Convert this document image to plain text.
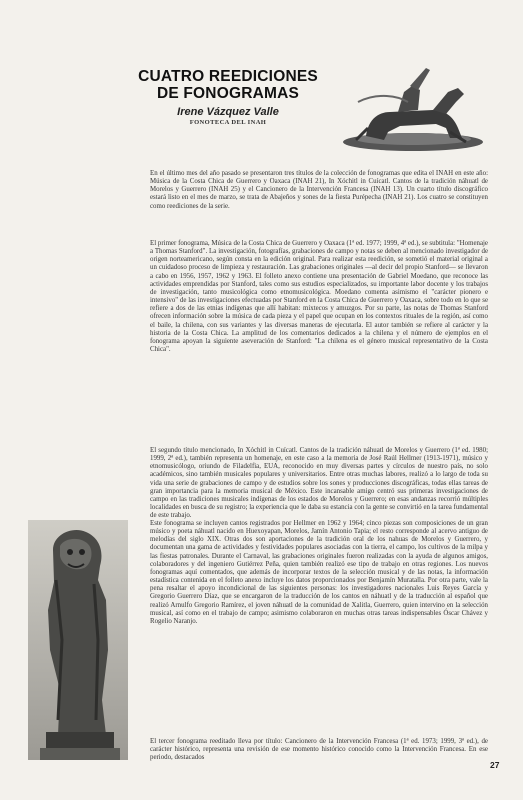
CUATRO REEDICIONES
DE FONOGRAMAS

Irene Vázquez Valle

FONOTECA DEL INAH

En el último mes del año pasado se presentaron tres títulos de la colección de fonogramas que edita el INAH en este año: Música de la Costa Chica de Guerrero y Oaxaca (INAH 21), In Xóchitl in Cuícatl. Cantos de la tradición náhuatl de Morelos y Guerrero (INAH 25) y el Cancionero de la Intervención Francesa (INAH 13). Un cuarto título discográfico estará listo en el mes de marzo, se trata de Abajeños y sones de la fiesta Purépecha (INAH 21). Los cuatro se constituyen como reediciones de la serie.

El primer fonograma, Música de la Costa Chica de Guerrero y Oaxaca (1ª ed. 1977; 1999, 4ª ed.), se subtitula: "Homenaje a Thomas Stanford". La investigación, fotografías, grabaciones de campo y notas se deben al mencionado investigador de origen norteamericano, según consta en la edición original. Para realizar esta reedición, se sometió el material original a un cuidadoso proceso de limpieza y restauración. Las grabaciones originales —al decir del propio Stanford— se llevaron a cabo en 1956, 1957, 1962 y 1963. El folleto anexo contiene una presentación de Gabriel Moedano, que reconoce las actividades emprendidas por Stanford, tales como sus estudios especializados, su importante labor docente y los trabajos de investigación, tanto musicológica como etnomusicológica. Moedano comenta asimismo el "carácter pionero e intensivo" de las investigaciones efectuadas por Stanford en la Costa Chica de Guerrero y Oaxaca, sobre todo en lo que se refiere a dos de las etnias indígenas que allí habitan: mixtecos y amuzgos. Por su parte, las notas de Thomas Stanford ofrecen información sobre la música de cada pieza y el papel que ocupan en los contextos rituales de la región, así como el baile, la chilena, con sus variantes y las diversas maneras de ejecutarla. El autor también se refiere al carácter y la historia de la Costa Chica. La amplitud de los comentarios dedicados a la chilena y el número de ejemplos en el fonograma apoyan la siguiente aseveración de Stanford: "La chilena es el género musical representativo de la Costa Chica".

El segundo título mencionado, In Xóchitl in Cuícatl. Cantos de la tradición náhuatl de Morelos y Guerrero (1ª ed. 1980; 1999, 2ª ed.), también representa un homenaje, en este caso a la memoria de José Raúl Hellmer (1913-1971), músico y etnomusicólogo, oriundo de Filadelfia, EUA, reconocido en muy diversas partes y círculos de nuestro país, no solo académicos, sino también musicales populares y universitarios. Entre otras muchas labores, realizó a lo largo de toda su vida una serie de grabaciones de campo y de estudios sobre los sones y producciones discográficas, todas ellas tareas de gran importancia para la memoria musical de México. Este incansable amigo centró sus primeras investigaciones de campo en las tradiciones musicales indígenas de los estados de Morelos y Guerrero; en esas andanzas recorrió múltiples localidades en busca de su registro; la experiencia que le daba su estancia con la gente se convirtió en la tarea fundamental de este trabajo.

Este fonograma se incluyen cantos registrados por Hellmer en 1962 y 1964; cinco piezas son composiciones de un gran músico y poeta náhuatl nacido en Huexoyapan, Morelos, Jamín Antonio Tapia; el resto corresponde al acervo antiguo de melodías del siglo XIX. Otras dos son aportaciones de la tradición oral de los nahuas de Morelos y Guerrero, y documentan una gama de actividades y festividades populares asociadas con la tierra, el campo, los cultivos de la milpa y las fiestas patronales. Durante el Carnaval, las grabaciones originales fueron realizadas con la ayuda de algunos amigos, colaboradores y del ingeniero Gutiérrez Peña, quien también realizó ese tipo de trabajo en otras regiones. Los nuevos fonogramas aquí comentados, que además de incorporar textos de la selección musical y de las notas, la información estadística contenida en el folleto anexo incluye los datos proporcionados por Benjamín Muratalla. Por otra parte, vale la pena resaltar el apoyo incondicional de las siguientes personas: los investigadores nacionales Luis Reyes García y Gregorio Guerrero Díaz, que se encargaron de la traducción de los cantos en náhuatl y de la traducción al español que realizó Arnulfo Gregorio Ramírez, el joven náhuatl de la comunidad de Xalitla, Guerrero, quien intervino en la selección musical, así como en el trabajo de campo; asimismo colaboraron en muchas otras tareas indispensables Óscar Chávez y Rogelio Naranjo.

El tercer fonograma reeditado lleva por título: Cancionero de la Intervención Francesa (1ª ed. 1973; 1999, 3ª ed.), de carácter histórico, representa una revisión de ese momento histórico conocido como la Intervención Francesa. En ese periodo, destacados

27
